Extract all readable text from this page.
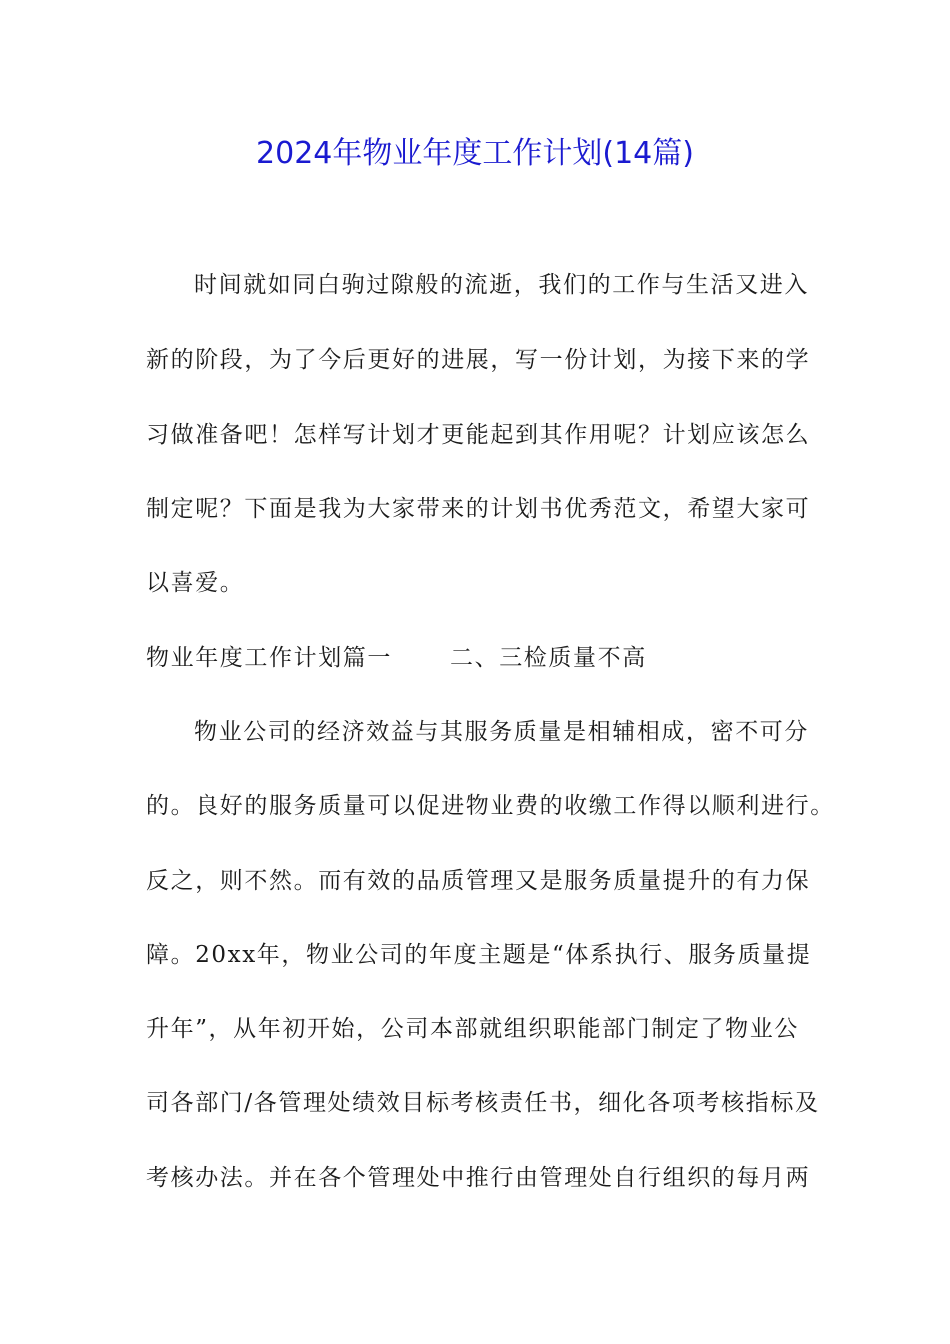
2024年物业年度工作计划(14篇)

时间就如同白驹过隙般的流逝，我们的工作与生活又进入

新的阶段，为了今后更好的进展，写一份计划，为接下来的学

习做准备吧！怎样写计划才更能起到其作用呢？计划应该怎么

制定呢？下面是我为大家带来的计划书优秀范文，希望大家可

以喜爱。

物业年度工作计划篇一	二、三检质量不高

物业公司的经济效益与其服务质量是相辅相成，密不可分

的。良好的服务质量可以促进物业费的收缴工作得以顺利进行。

反之，则不然。而有效的品质管理又是服务质量提升的有力保

障。20xx年，物业公司的年度主题是“体系执行、服务质量提

升年”，从年初开始，公司本部就组织职能部门制定了物业公

司各部门/各管理处绩效目标考核责任书，细化各项考核指标及

考核办法。并在各个管理处中推行由管理处自行组织的每月两
